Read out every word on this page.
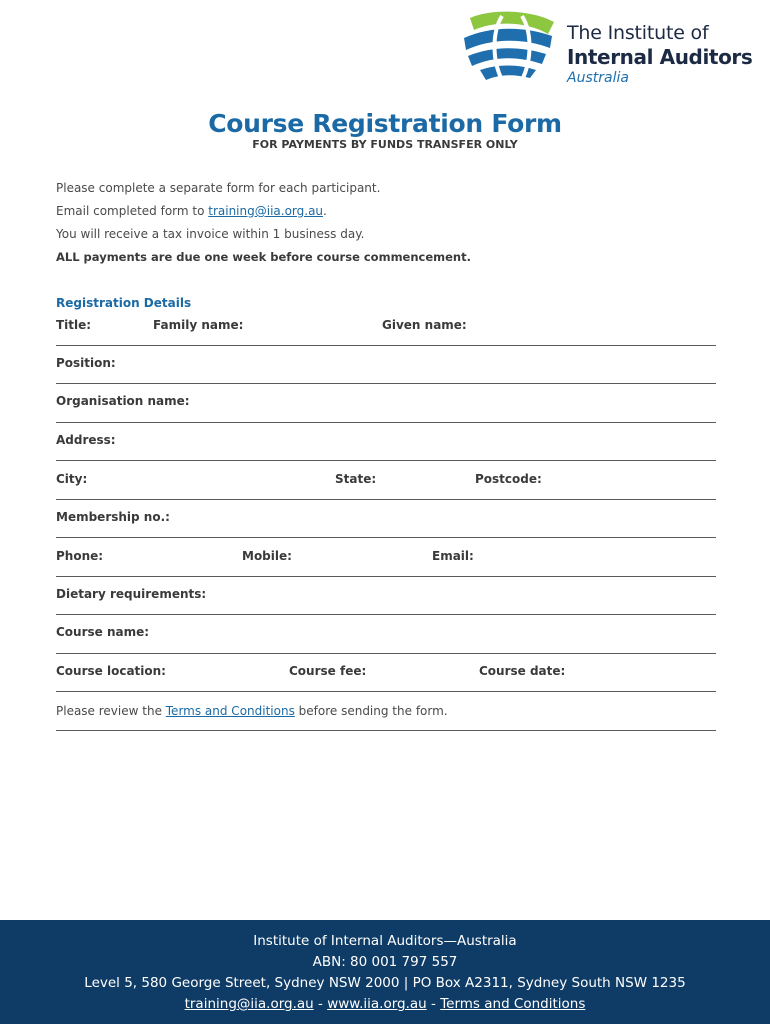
The Institute of
Internal Auditors
Australia
Course Registration Form
FOR PAYMENTS BY FUNDS TRANSFER ONLY
Please complete a separate form for each participant.
Email completed form to training@iia.org.au.
You will receive a tax invoice within 1 business day.
ALL payments are due one week before course commencement.
Registration Details
Title:	Family name:	Given name:
Position:
Organisation name:
Address:
City:	State:	Postcode:
Membership no.:
Phone:	Mobile:	Email:
Dietary requirements:
Course name:
Course location:	Course fee:	Course date:
Please review the Terms and Conditions before sending the form.
Institute of Internal Auditors—Australia
ABN: 80 001 797 557
Level 5, 580 George Street, Sydney NSW 2000 | PO Box A2311, Sydney South NSW 1235
training@iia.org.au - www.iia.org.au - Terms and Conditions
